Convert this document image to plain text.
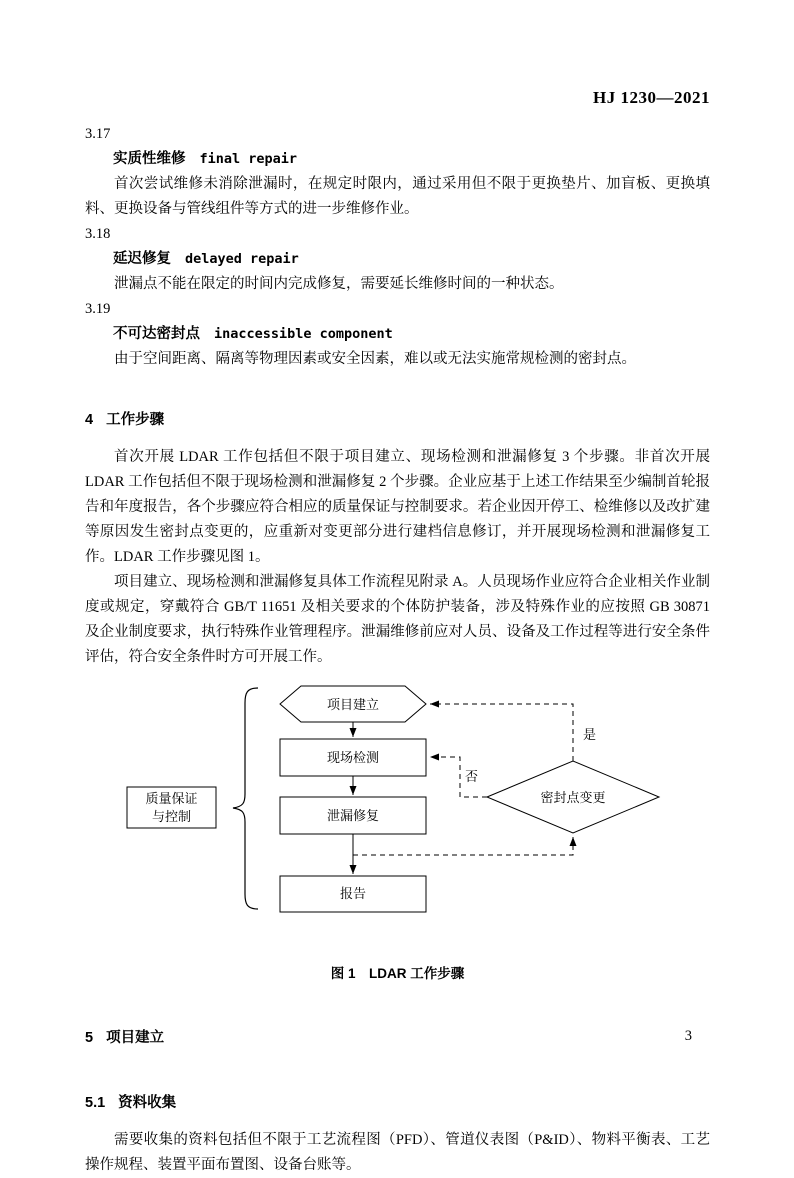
HJ 1230—2021
3.17
实质性维修 final repair

首次尝试维修未消除泄漏时，在规定时限内，通过采用但不限于更换垫片、加盲板、更换填料、更换设备与管线组件等方式的进一步维修作业。

3.18
延迟修复 delayed repair

泄漏点不能在限定的时间内完成修复，需要延长维修时间的一种状态。

3.19
不可达密封点 inaccessible component

由于空间距离、隔离等物理因素或安全因素，难以或无法实施常规检测的密封点。

4 工作步骤

首次开展 LDAR 工作包括但不限于项目建立、现场检测和泄漏修复 3 个步骤。非首次开展 LDAR 工作包括但不限于现场检测和泄漏修复 2 个步骤。企业应基于上述工作结果至少编制首轮报告和年度报告，各个步骤应符合相应的质量保证与控制要求。若企业因开停工、检维修以及改扩建等原因发生密封点变更的，应重新对变更部分进行建档信息修订，并开展现场检测和泄漏修复工作。LDAR 工作步骤见图 1。

项目建立、现场检测和泄漏修复具体工作流程见附录 A。人员现场作业应符合企业相关作业制度或规定，穿戴符合 GB/T 11651 及相关要求的个体防护装备，涉及特殊作业的应按照 GB 30871 及企业制度要求，执行特殊作业管理程序。泄漏维修前应对人员、设备及工作过程等进行安全条件评估，符合安全条件时方可开展工作。

是
否
项目建立
现场检测
泄漏修复
报告
质量保证与控制
密封点变更
图 1　LDAR 工作步骤
5 项目建立
5.1 资料收集

需要收集的资料包括但不限于工艺流程图（PFD）、管道仪表图（P&ID）、物料平衡表、工艺操作规程、装置平面布置图、设备台账等。

3
